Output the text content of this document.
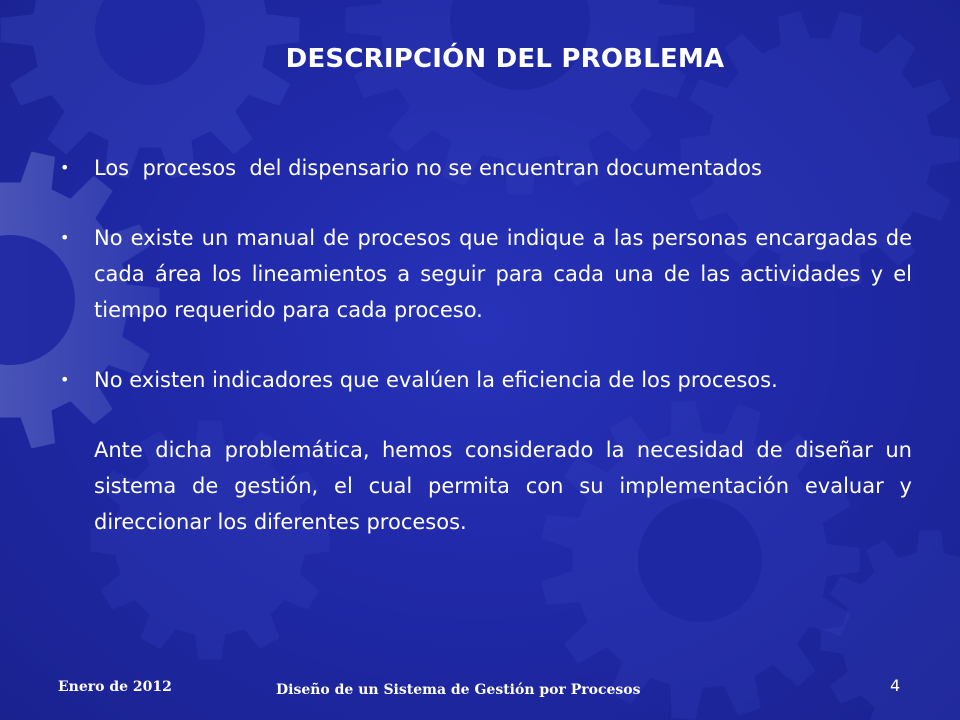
DESCRIPCIÓN DEL PROBLEMA
• Los  procesos  del dispensario no se encuentran documentados
• No existe un manual de procesos que indique a las personas encargadas de cada área los lineamientos a seguir para cada una de las actividades y el tiempo requerido para cada proceso.
• No existen indicadores que evalúen la eficiencia de los procesos.
Ante dicha problemática, hemos considerado la necesidad de diseñar un sistema de gestión, el cual permita con su implementación evaluar y direccionar los diferentes procesos.
Enero de 2012	Diseño de un Sistema de Gestión por Procesos	4
